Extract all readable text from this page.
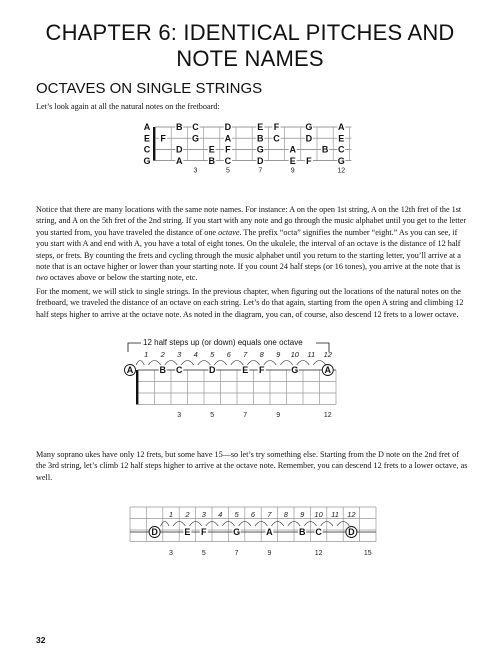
CHAPTER 6: IDENTICAL PITCHES AND
NOTE NAMES
OCTAVES ON SINGLE STRINGS

Let’s look again at all the natural notes on the fretboard:

A
E
C
G
B C	D	E F	G	A
F	G	A	B C	D	E
D	E F	G	A	B C
A	B C	D	E F	G
3	5	7	9	12

Notice that there are many locations with the same note names. For instance: A on the open 1st string, A on the 12th fret of the 1st string, and A on the 5th fret of the 2nd string. If you start with any note and go through the music alphabet until you get to the letter you started from, you have traveled the distance of one octave. The prefix “octa” signifies the number “eight.” As you can see, if you start with A and end with A, you have a total of eight tones. On the ukulele, the interval of an octave is the distance of 12 half steps, or frets. By counting the frets and cycling through the music alphabet until you return to the starting letter, you’ll arrive at a note that is an octave higher or lower than your starting note. If you count 24 half steps (or 16 tones), you arrive at the note that is two octaves above or below the starting note, etc.

For the moment, we will stick to single strings. In the previous chapter, when figuring out the locations of the natural notes on the fretboard, we traveled the distance of an octave on each string. Let’s do that again, starting from the open A string and climbing 12 half steps higher to arrive at the octave note. As noted in the diagram, you can, of course, also descend 12 frets to a lower octave.

12 half steps up (or down) equals one octave
1 2 3 4 5 6 7 8 9 10 11 12
A	A
B C	D	E F	G
3	5	7	9	12

Many soprano ukes have only 12 frets, but some have 15—so let’s try something else. Starting from the D note on the 2nd fret of the 3rd string, let’s climb 12 half steps higher to arrive at the octave note. Remember, you can descend 12 frets to a lower octave, as well.

1 2 3 4 5 6 7 8 9 10 11 12
D	D
E F	G	A	B C
3	5	7	9	12	15
32
